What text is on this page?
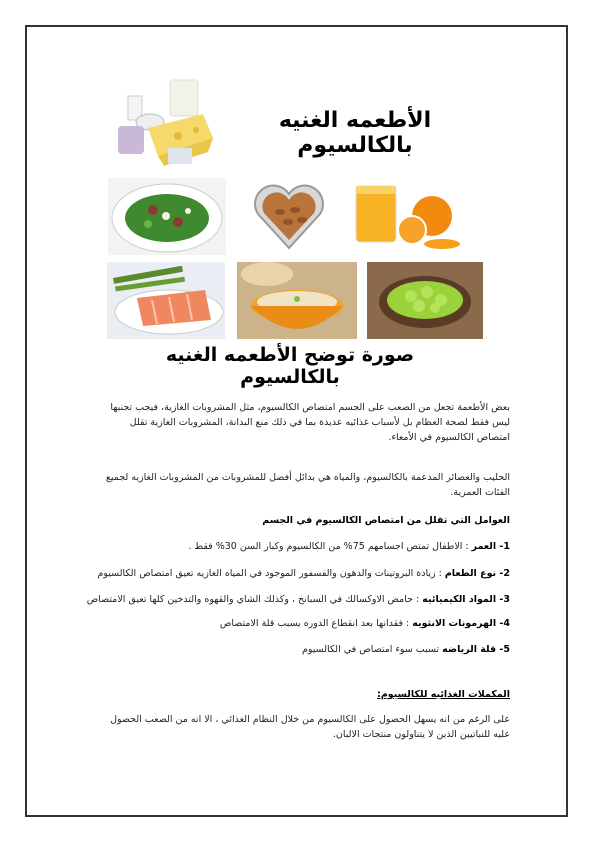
الأطعمه الغنيه بالكالسيوم
صورة توضح الأطعمه الغنيه بالكالسيوم
بعض الأطعمة تجعل من الصعب على الجسم امتصاص الكالسيوم، مثل المشروبات الغازية، فيجب تجنبها ليس فقط لصحة العظام بل لأسباب غذائيه عديدة بما في ذلك منع البدانة، المشروبات الغازية تقلل امتصاص الكالسيوم في الأمعاء.
الحليب والعصائر المدعمة بالكالسيوم، والمياه هي بدائل أفضل للمشروبات من المشروبات الغازيه لجميع الفئات العمرية.
العوامل التي تقلل من امتصاص الكالسيوم في الجسم
1- العمر : الاطفال تمتص اجسامهم 75% من الكالسيوم وكبار السن 30% فقط .
2- نوع الطعام : زيادة البروتينات والدهون والفسفور الموجود في المياه الغازيه تعيق امتصاص الكالسيوم
3- المواد الكيميائيه : حامض الاوكسالك في السبانخ ، وكذلك الشاي والقهوه والتدخين كلها تعيق الامتصاص
4- الهرمونات الانثويه : فقدانها بعد انقطاع الدوره يسبب قلة الامتصاص
5- قلة الرياضه تسبب سوء امتصاص في الكالسيوم
المكملات الغذائيه للكالسيوم:
على الرغم من انه يسهل الحصول على الكالسيوم من خلال النظام الغذائي ، الا انه من الصعب الحصول عليه للنباتيين الذين لا يتناولون منتجات الالبان.
